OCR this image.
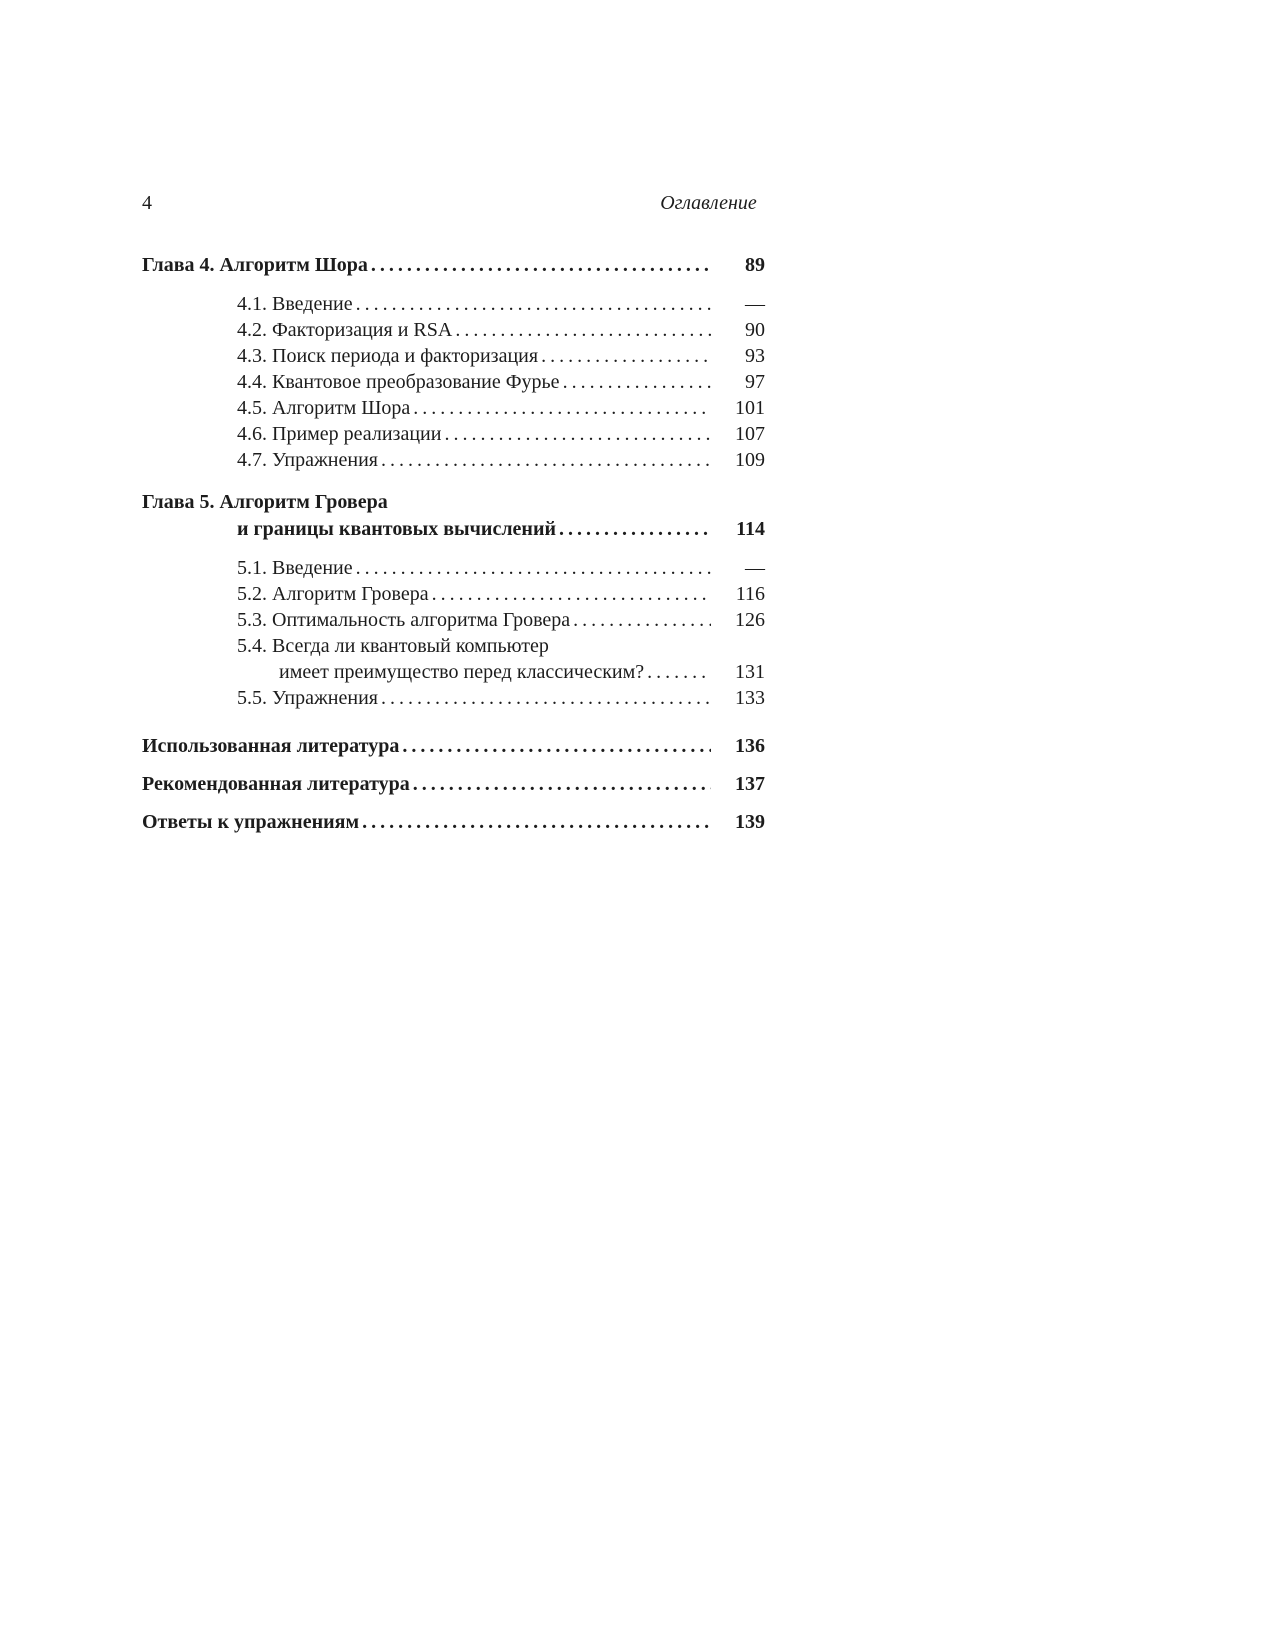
4	Оглавление
Глава 4. Алгоритм Шора .....	89
4.1. Введение .....	—
4.2. Факторизация и RSA .....	90
4.3. Поиск периода и факторизация .....	93
4.4. Квантовое преобразование Фурье .....	97
4.5. Алгоритм Шора .....	101
4.6. Пример реализации .....	107
4.7. Упражнения .....	109
Глава 5. Алгоритм Гровера
и границы квантовых вычислений .....	114
5.1. Введение .....	—
5.2. Алгоритм Гровера .....	116
5.3. Оптимальность алгоритма Гровера .....	126
5.4. Всегда ли квантовый компьютер
имеет преимущество перед классическим? .....	131
5.5. Упражнения .....	133
Использованная литература .....	136
Рекомендованная литература .....	137
Ответы к упражнениям .....	139
